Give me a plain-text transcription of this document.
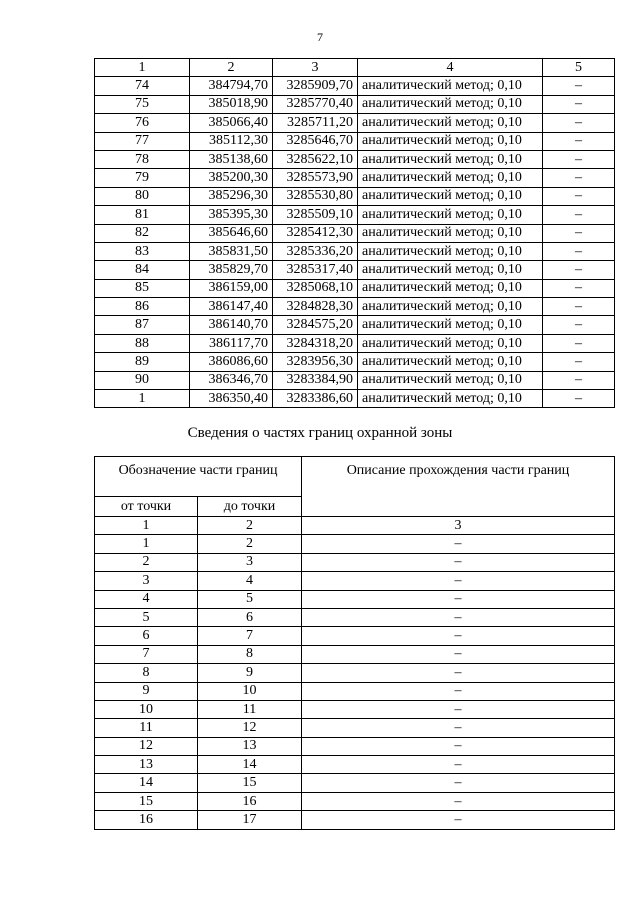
7
1	2	3	4	5
74	384794,70	3285909,70	аналитический метод; 0,10	–
75	385018,90	3285770,40	аналитический метод; 0,10	–
76	385066,40	3285711,20	аналитический метод; 0,10	–
77	385112,30	3285646,70	аналитический метод; 0,10	–
78	385138,60	3285622,10	аналитический метод; 0,10	–
79	385200,30	3285573,90	аналитический метод; 0,10	–
80	385296,30	3285530,80	аналитический метод; 0,10	–
81	385395,30	3285509,10	аналитический метод; 0,10	–
82	385646,60	3285412,30	аналитический метод; 0,10	–
83	385831,50	3285336,20	аналитический метод; 0,10	–
84	385829,70	3285317,40	аналитический метод; 0,10	–
85	386159,00	3285068,10	аналитический метод; 0,10	–
86	386147,40	3284828,30	аналитический метод; 0,10	–
87	386140,70	3284575,20	аналитический метод; 0,10	–
88	386117,70	3284318,20	аналитический метод; 0,10	–
89	386086,60	3283956,30	аналитический метод; 0,10	–
90	386346,70	3283384,90	аналитический метод; 0,10	–
1	386350,40	3283386,60	аналитический метод; 0,10	–
Сведения о частях границ охранной зоны
Обозначение части границ		Описание прохождения части границ
от точки	до точки	
1	2	3
1	2	–
2	3	–
3	4	–
4	5	–
5	6	–
6	7	–
7	8	–
8	9	–
9	10	–
10	11	–
11	12	–
12	13	–
13	14	–
14	15	–
15	16	–
16	17	–
